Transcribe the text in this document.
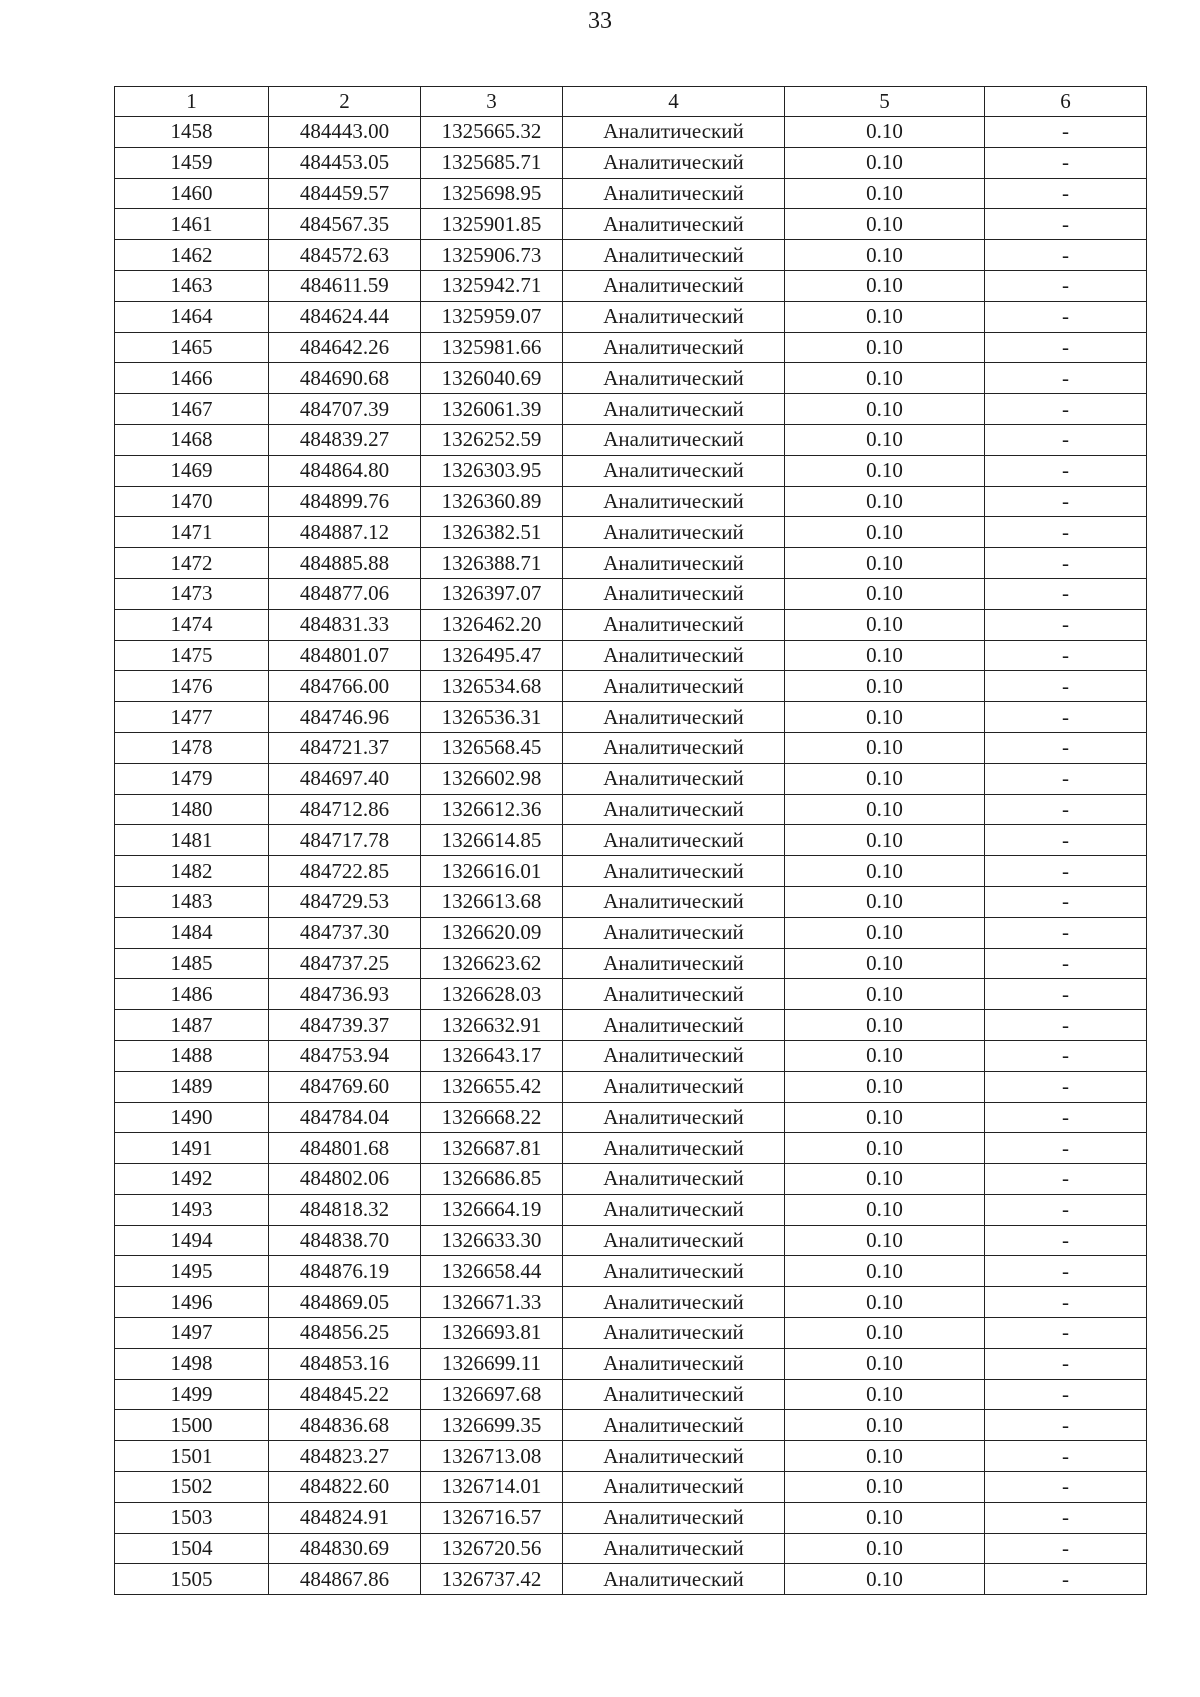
33
1	2	3	4	5	6
1458	484443.00	1325665.32	Аналитический	0.10	-
1459	484453.05	1325685.71	Аналитический	0.10	-
1460	484459.57	1325698.95	Аналитический	0.10	-
1461	484567.35	1325901.85	Аналитический	0.10	-
1462	484572.63	1325906.73	Аналитический	0.10	-
1463	484611.59	1325942.71	Аналитический	0.10	-
1464	484624.44	1325959.07	Аналитический	0.10	-
1465	484642.26	1325981.66	Аналитический	0.10	-
1466	484690.68	1326040.69	Аналитический	0.10	-
1467	484707.39	1326061.39	Аналитический	0.10	-
1468	484839.27	1326252.59	Аналитический	0.10	-
1469	484864.80	1326303.95	Аналитический	0.10	-
1470	484899.76	1326360.89	Аналитический	0.10	-
1471	484887.12	1326382.51	Аналитический	0.10	-
1472	484885.88	1326388.71	Аналитический	0.10	-
1473	484877.06	1326397.07	Аналитический	0.10	-
1474	484831.33	1326462.20	Аналитический	0.10	-
1475	484801.07	1326495.47	Аналитический	0.10	-
1476	484766.00	1326534.68	Аналитический	0.10	-
1477	484746.96	1326536.31	Аналитический	0.10	-
1478	484721.37	1326568.45	Аналитический	0.10	-
1479	484697.40	1326602.98	Аналитический	0.10	-
1480	484712.86	1326612.36	Аналитический	0.10	-
1481	484717.78	1326614.85	Аналитический	0.10	-
1482	484722.85	1326616.01	Аналитический	0.10	-
1483	484729.53	1326613.68	Аналитический	0.10	-
1484	484737.30	1326620.09	Аналитический	0.10	-
1485	484737.25	1326623.62	Аналитический	0.10	-
1486	484736.93	1326628.03	Аналитический	0.10	-
1487	484739.37	1326632.91	Аналитический	0.10	-
1488	484753.94	1326643.17	Аналитический	0.10	-
1489	484769.60	1326655.42	Аналитический	0.10	-
1490	484784.04	1326668.22	Аналитический	0.10	-
1491	484801.68	1326687.81	Аналитический	0.10	-
1492	484802.06	1326686.85	Аналитический	0.10	-
1493	484818.32	1326664.19	Аналитический	0.10	-
1494	484838.70	1326633.30	Аналитический	0.10	-
1495	484876.19	1326658.44	Аналитический	0.10	-
1496	484869.05	1326671.33	Аналитический	0.10	-
1497	484856.25	1326693.81	Аналитический	0.10	-
1498	484853.16	1326699.11	Аналитический	0.10	-
1499	484845.22	1326697.68	Аналитический	0.10	-
1500	484836.68	1326699.35	Аналитический	0.10	-
1501	484823.27	1326713.08	Аналитический	0.10	-
1502	484822.60	1326714.01	Аналитический	0.10	-
1503	484824.91	1326716.57	Аналитический	0.10	-
1504	484830.69	1326720.56	Аналитический	0.10	-
1505	484867.86	1326737.42	Аналитический	0.10	-
